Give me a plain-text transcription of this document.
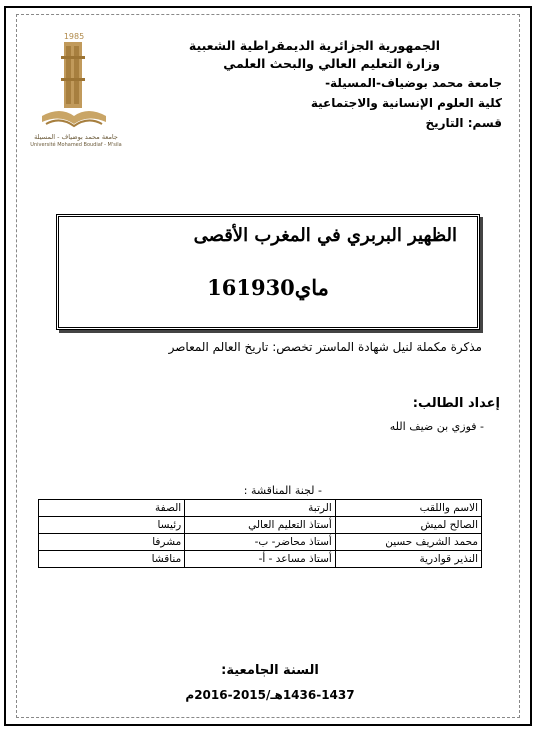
الجمهورية الجزائرية الديمقراطية الشعبية
وزارة التعليم العالي والبحث العلمي
جامعة محمد بوضياف-المسيلة-
كلية العلوم الإنسانية والاجتماعية
قسم: التاريخ
1985
جامعة محمد بوضياف - المسيلة
Université Mohamed Boudiaf - M'sila
الظهير البربري في المغرب الأقصى
16ماي1930
مذكرة مكملة لنيل شهادة الماستر تخصص: تاريخ العالم المعاصر
إعداد الطالب:
- فوزي بن ضيف الله
- لجنة المناقشة :
الاسم واللقب	الرتبة	الصفة
الصالح لميش	أستاذ التعليم العالي	رئيسا
محمد الشريف حسين	أستاذ محاضر- ب-	مشرفا
النذير قوادرية	أستاذ مساعد - أ-	مناقشا
السنة الجامعية:
1436-1437هـ/2015-2016م
